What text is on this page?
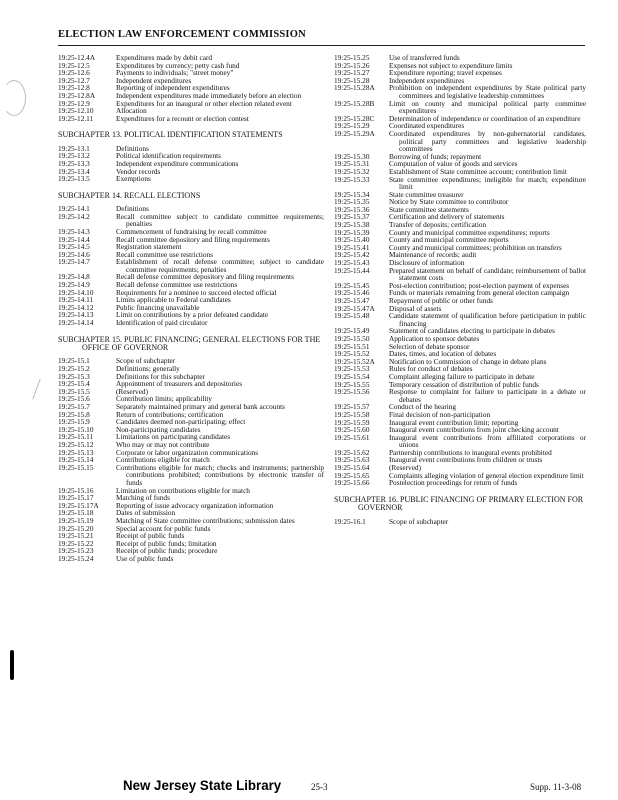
ELECTION LAW ENFORCEMENT COMMISSION
19:25-12.4A	Expenditures made by debit card
19:25-12.5	Expenditures by currency; petty cash fund
19:25-12.6	Payments to individuals; "street money"
19:25-12.7	Independent expenditures
19:25-12.8	Reporting of independent expenditures
19:25-12.8A	Independent expenditures made immediately before an election
19:25-12.9	Expenditures for an inaugural or other election related event
19:25-12.10	Allocation
19:25-12.11	Expenditures for a recount or election contest
SUBCHAPTER 13. POLITICAL IDENTIFICATION STATEMENTS
19:25-13.1	Definitions
19:25-13.2	Political identification requirements
19:25-13.3	Independent expenditure communications
19:25-13.4	Vendor records
19:25-13.5	Exemptions
SUBCHAPTER 14. RECALL ELECTIONS
19:25-14.1	Definitions
19:25-14.2	Recall committee subject to candidate committee requirements; penalties
19:25-14.3	Commencement of fundraising by recall committee
19:25-14.4	Recall committee depository and filing requirements
19:25-14.5	Registration statement
19:25-14.6	Recall committee use restrictions
19:25-14.7	Establishment of recall defense committee; subject to candidate committee requirements; penalties
19:25-14.8	Recall defense committee depository and filing requirements
19:25-14.9	Recall defense committee use restrictions
19:25-14.10	Requirements for a nominee to succeed elected official
19:25-14.11	Limits applicable to Federal candidates
19:25-14.12	Public financing unavailable
19:25-14.13	Limit on contributions by a prior defeated candidate
19:25-14.14	Identification of paid circulator
SUBCHAPTER 15. PUBLIC FINANCING; GENERAL ELECTIONS FOR THE OFFICE OF GOVERNOR
19:25-15.1	Scope of subchapter
19:25-15.2	Definitions; generally
19:25-15.3	Definitions for this subchapter
19:25-15.4	Appointment of treasurers and depositories
19:25-15.5	(Reserved)
19:25-15.6	Contribution limits; applicability
19:25-15.7	Separately maintained primary and general bank accounts
19:25-15.8	Return of contributions; certification
19:25-15.9	Candidates deemed non-participating; effect
19:25-15.10	Non-participating candidates
19:25-15.11	Limitations on participating candidates
19:25-15.12	Who may or may not contribute
19:25-15.13	Corporate or labor organization communications
19:25-15.14	Contributions eligible for match
19:25-15.15	Contributions eligible for match; checks and instruments; partnership contributions prohibited; contributions by electronic transfer of funds
19:25-15.16	Limitation on contributions eligible for match
19:25-15.17	Matching of funds
19:25-15.17A	Reporting of issue advocacy organization information
19:25-15.18	Dates of submission
19:25-15.19	Matching of State committee contributions; submission dates
19:25-15.20	Special account for public funds
19:25-15.21	Receipt of public funds
19:25-15.22	Receipt of public funds; limitation
19:25-15.23	Receipt of public funds; procedure
19:25-15.24	Use of public funds
19:25-15.25	Use of transferred funds
19:25-15.26	Expenses not subject to expenditure limits
19:25-15.27	Expenditure reporting; travel expenses
19:25-15.28	Independent expenditures
19:25-15.28A	Prohibition on independent expenditures by State political party committees and legislative leadership committees
19:25-15.28B	Limit on county and municipal political party committee expenditures
19:25-15.28C	Determination of independence or coordination of an expenditure
19:25-15.29	Coordinated expenditures
19:25-15.29A	Coordinated expenditures by non-gubernatorial candidates, political party committees and legislative leadership committees
19:25-15.30	Borrowing of funds; repayment
19:25-15.31	Computation of value of goods and services
19:25-15.32	Establishment of State committee account; contribution limit
19:25-15.33	State committee expenditures; ineligible for match; expenditure limit
19:25-15.34	State committee treasurer
19:25-15.35	Notice by State committee to contributor
19:25-15.36	State committee statements
19:25-15.37	Certification and delivery of statements
19:25-15.38	Transfer of deposits; certification
19:25-15.39	County and municipal committee expenditures; reports
19:25-15.40	County and municipal committee reports
19:25-15.41	County and municipal committees; prohibition on transfers
19:25-15.42	Maintenance of records; audit
19:25-15.43	Disclosure of information
19:25-15.44	Prepared statement on behalf of candidate; reimbursement of ballot statement costs
19:25-15.45	Post-election contribution; post-election payment of expenses
19:25-15.46	Funds or materials remaining from general election campaign
19:25-15.47	Repayment of public or other funds
19:25-15.47A	Disposal of assets
19:25-15.48	Candidate statement of qualification before participation in public financing
19:25-15.49	Statement of candidates electing to participate in debates
19:25-15.50	Application to sponsor debates
19:25-15.51	Selection of debate sponsor
19:25-15.52	Dates, times, and location of debates
19:25-15.52A	Notification to Commission of change in debate plans
19:25-15.53	Rules for conduct of debates
19:25-15.54	Complaint alleging failure to participate in debate
19:25-15.55	Temporary cessation of distribution of public funds
19:25-15.56	Response to complaint for failure to participate in a debate or debates
19:25-15.57	Conduct of the hearing
19:25-15.58	Final decision of non-participation
19:25-15.59	Inaugural event contribution limit; reporting
19:25-15.60	Inaugural event contributions from joint checking account
19:25-15.61	Inaugural event contributions from affiliated corporations or unions
19:25-15.62	Partnership contributions to inaugural events prohibited
19:25-15.63	Inaugural event contributions from children or trusts
19:25-15.64	(Reserved)
19:25-15.65	Complaints alleging violation of general election expenditure limit
19:25-15.66	Postelection proceedings for return of funds
SUBCHAPTER 16. PUBLIC FINANCING OF PRIMARY ELECTION FOR GOVERNOR
19:25-16.1	Scope of subchapter
New Jersey State Library	25-3	Supp. 11-3-08
